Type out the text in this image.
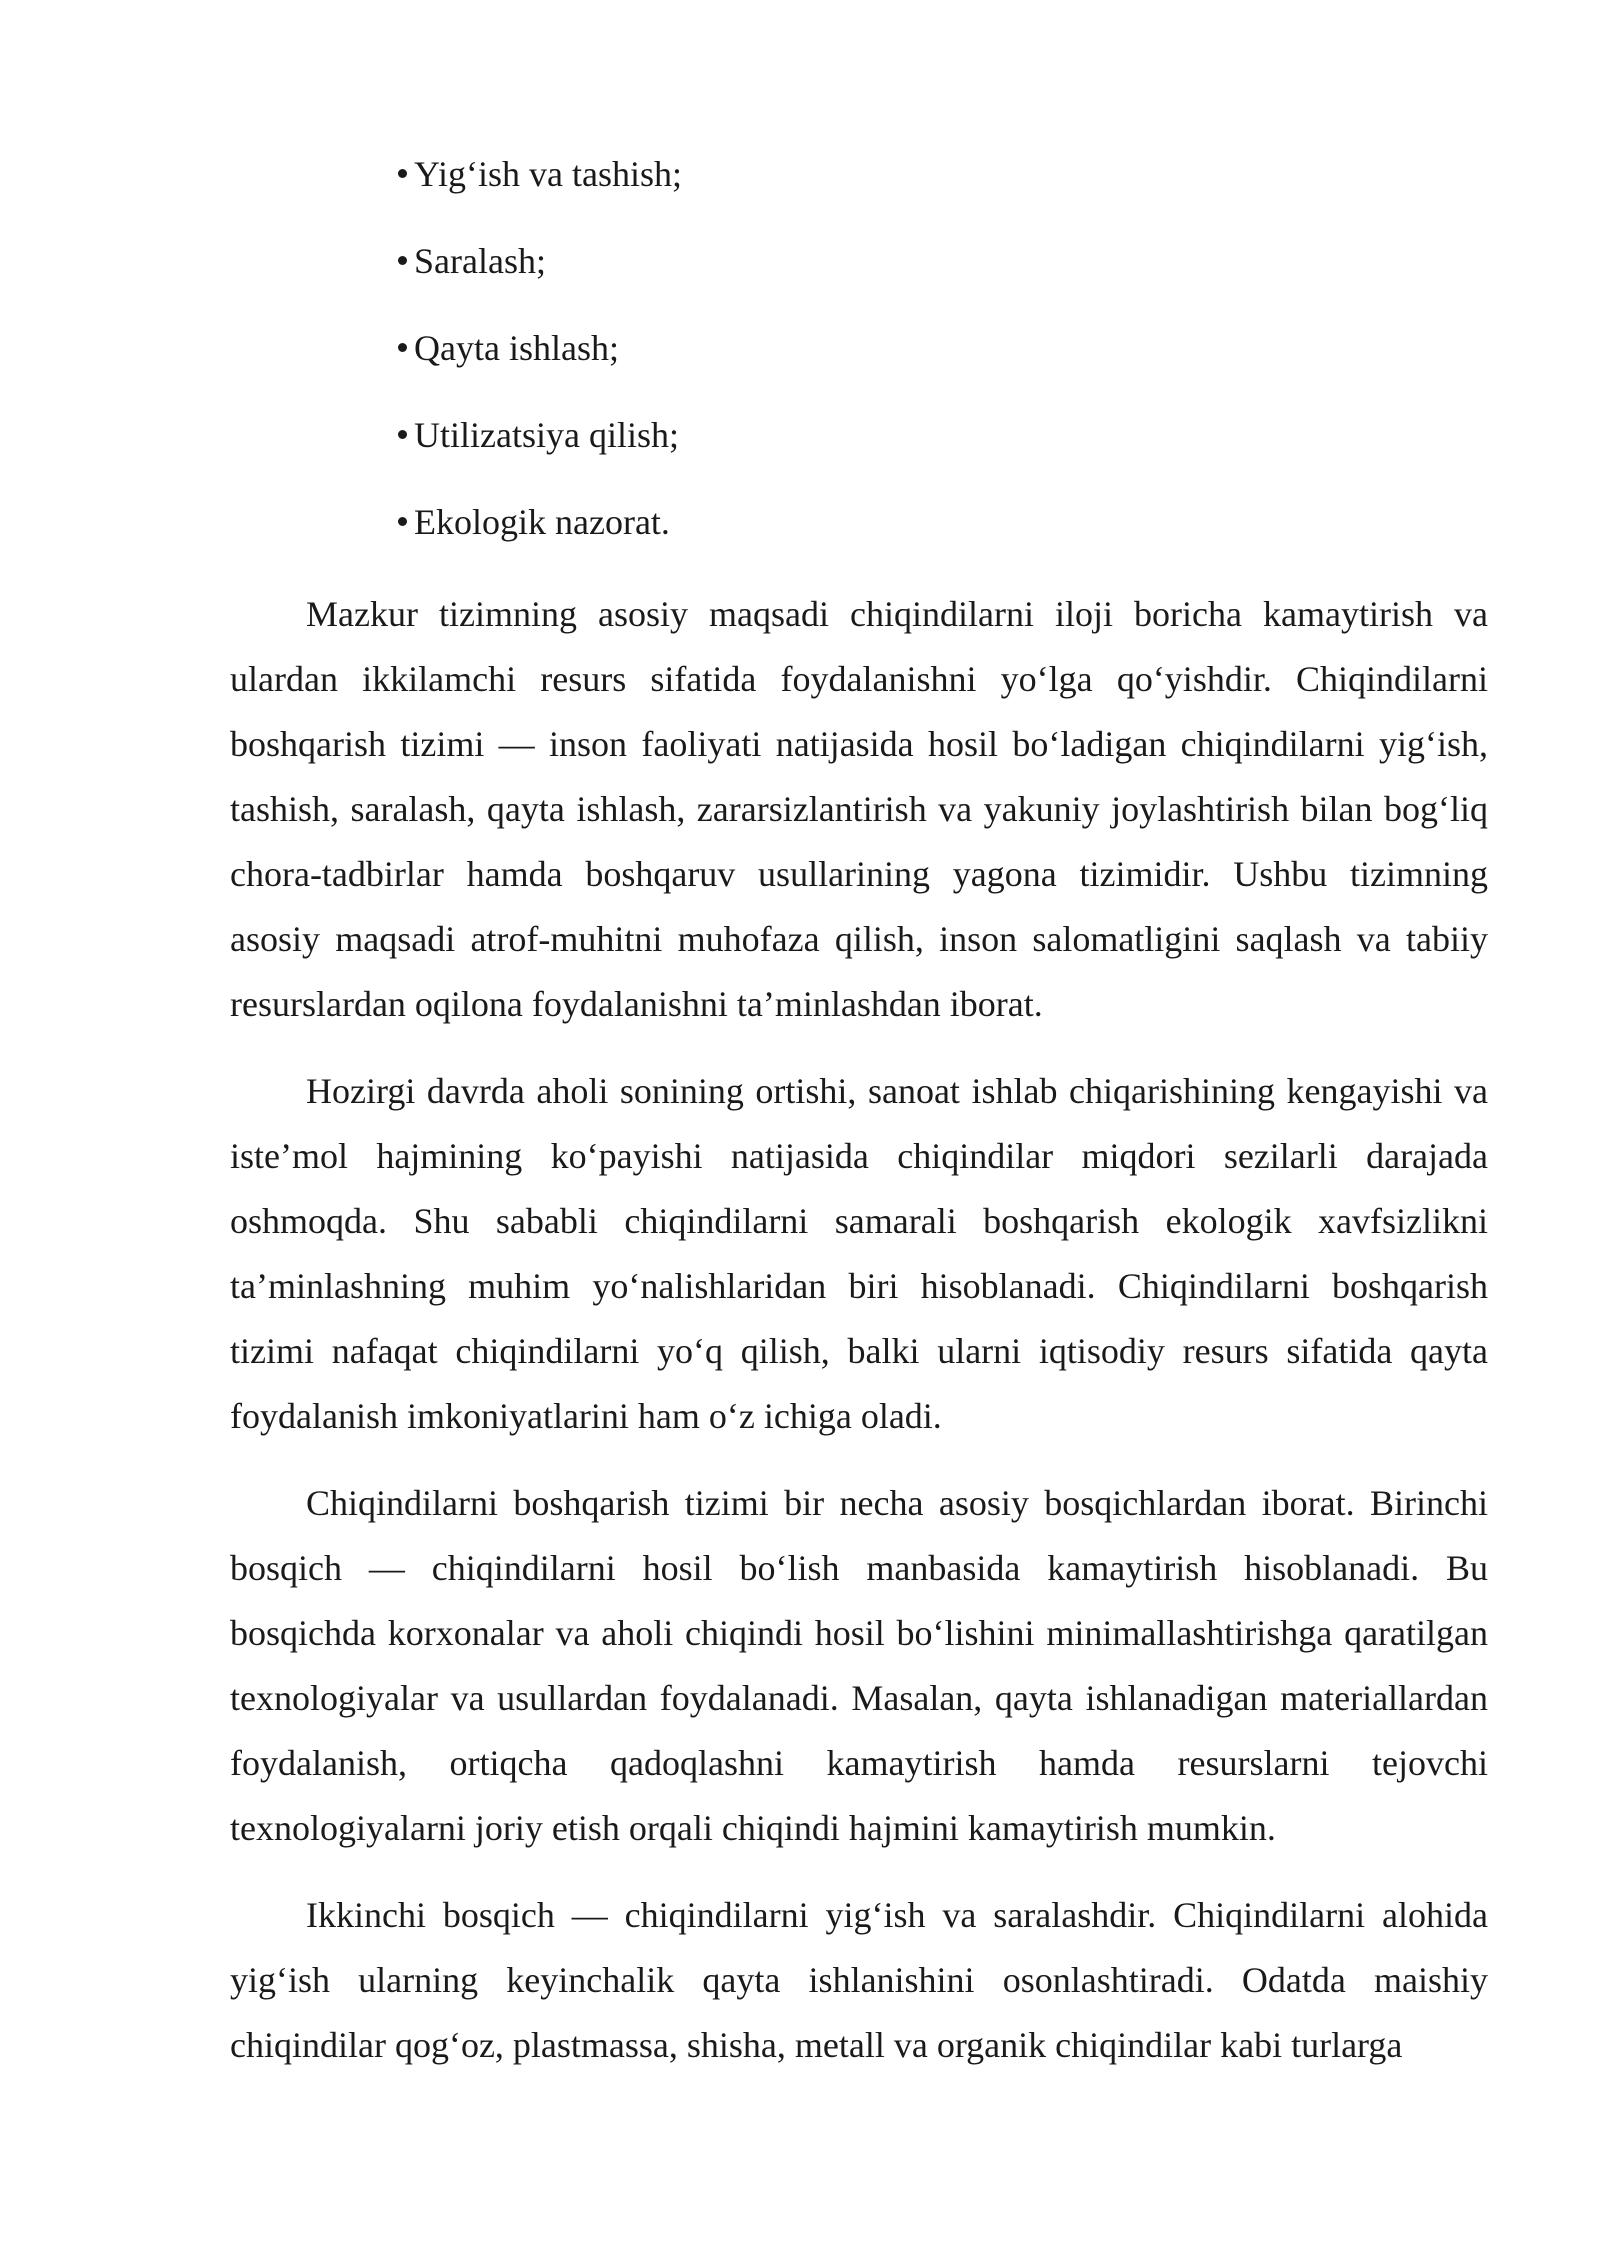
Yig‘ish va tashish;
Saralash;
Qayta ishlash;
Utilizatsiya qilish;
Ekologik nazorat.

Mazkur tizimning asosiy maqsadi chiqindilarni iloji boricha kamaytirish va ulardan ikkilamchi resurs sifatida foydalanishni yo‘lga qo‘yishdir. Chiqindilarni boshqarish tizimi — inson faoliyati natijasida hosil bo‘ladigan chiqindilarni yig‘ish, tashish, saralash, qayta ishlash, zararsizlantirish va yakuniy joylashtirish bilan bog‘liq chora-tadbirlar hamda boshqaruv usullarining yagona tizimidir. Ushbu tizimning asosiy maqsadi atrof-muhitni muhofaza qilish, inson salomatligini saqlash va tabiiy resurslardan oqilona foydalanishni ta’minlashdan iborat.

Hozirgi davrda aholi sonining ortishi, sanoat ishlab chiqarishining kengayishi va iste’mol hajmining ko‘payishi natijasida chiqindilar miqdori sezilarli darajada oshmoqda. Shu sababli chiqindilarni samarali boshqarish ekologik xavfsizlikni ta’minlashning muhim yo‘nalishlaridan biri hisoblanadi. Chiqindilarni boshqarish tizimi nafaqat chiqindilarni yo‘q qilish, balki ularni iqtisodiy resurs sifatida qayta foydalanish imkoniyatlarini ham o‘z ichiga oladi.

Chiqindilarni boshqarish tizimi bir necha asosiy bosqichlardan iborat. Birinchi bosqich — chiqindilarni hosil bo‘lish manbasida kamaytirish hisoblanadi. Bu bosqichda korxonalar va aholi chiqindi hosil bo‘lishini minimallashtirishga qaratilgan texnologiyalar va usullardan foydalanadi. Masalan, qayta ishlanadigan materiallardan foydalanish, ortiqcha qadoqlashni kamaytirish hamda resurslarni tejovchi texnologiyalarni joriy etish orqali chiqindi hajmini kamaytirish mumkin.

Ikkinchi bosqich — chiqindilarni yig‘ish va saralashdir. Chiqindilarni alohida yig‘ish ularning keyinchalik qayta ishlanishini osonlashtiradi. Odatda maishiy chiqindilar qog‘oz, plastmassa, shisha, metall va organik chiqindilar kabi turlarga
